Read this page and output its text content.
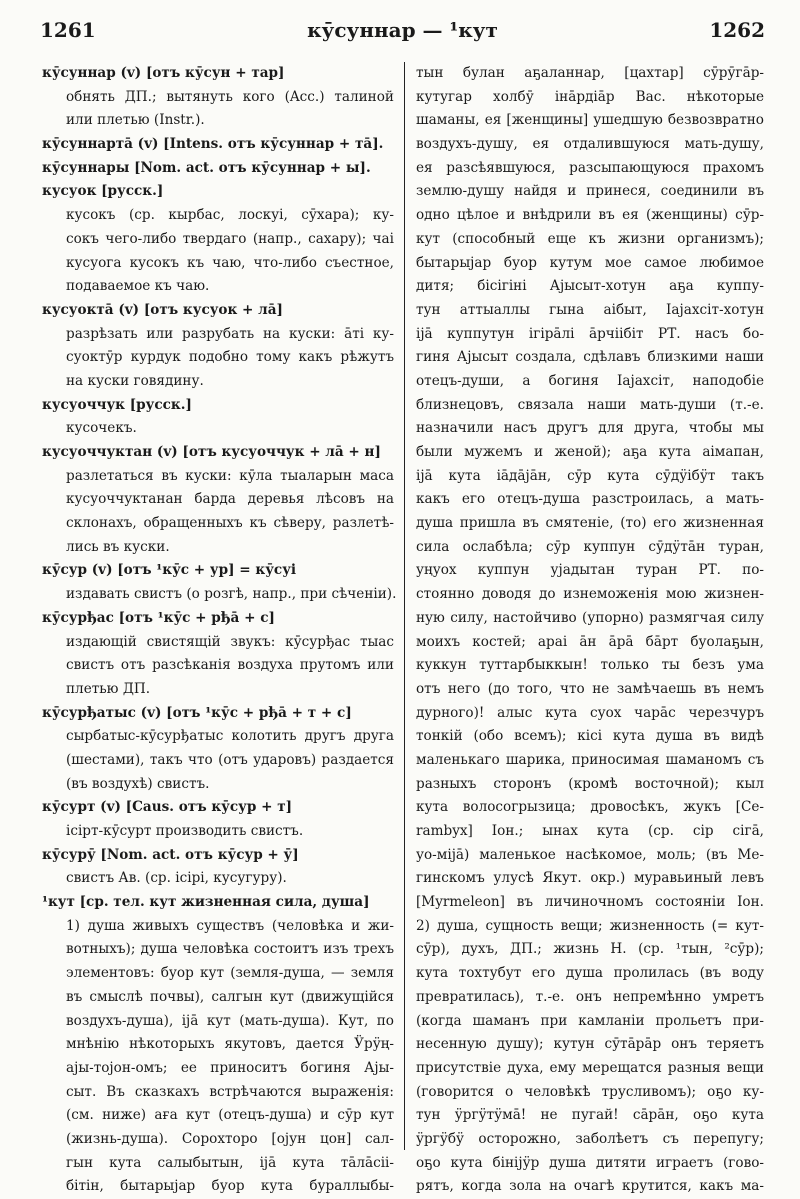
1261	кӯсуннар — ¹кут	1262
кӯсуннар (v) [отъ кӯсун + тар]
обнять ДП.; вытянуть кого (Acc.) талиной
или плетью (Instr.).
кӯсуннартā (v) [Intens. отъ кӯсуннар + тā].
кӯсуннары [Nom. act. отъ кӯсуннар + ы].
кусуок [русск.]
кусокъ (ср. кырбас, лоскуі, сӯхара); ку-
сокъ чего-либо твердаго (напр., сахару); чаі
кусуога кусокъ къ чаю, что-либо съестное,
подаваемое къ чаю.
кусуоктā (v) [отъ кусуок + лā]
разрѣзать или разрубать на куски: āтi ку-
суоктӯр курдук подобно тому какъ рѣжутъ
на куски говядину.
кусуоччук [русск.]
кусочекъ.
кусуоччуктан (v) [отъ кусуоччук + лā + н]
разлетаться въ куски: кӯла тыаларын маса
кусуоччуктанан барда деревья лѣсовъ на
склонахъ, обращенныхъ къ сѣверу, разлетѣ-
лись въ куски.
кӯсур (v) [отъ ¹кӯс + ур] = кӯсуі
издавать свистъ (о розгѣ, напр., при сѣченіи).
кӯсурђас [отъ ¹кӯс + рђā + с]
издающій свистящій звукъ: кӯсурђас тыас
свистъ отъ разсѣканія воздуха прутомъ или
плетью ДП.
кӯсурђатыс (v) [отъ ¹кӯс + рђā + т + с]
сырбатыс-кӯсурђатыс колотить другъ друга
(шестами), такъ что (отъ ударовъ) раздается
(въ воздухѣ) свистъ.
кӯсурт (v) [Caus. отъ кӯсур + т]
iсiрт-кӯсурт производить свистъ.
кӯсурӯ [Nom. act. отъ кӯсур + ӯ]
свистъ Ав. (ср. iсiрi, кусугуру).
¹кут [ср. тел. кут жизненная сила, душа]
1) душа живыхъ существъ (человѣка и жи-
вотныхъ); душа человѣка состоитъ изъ трехъ
элементовъ: буор кут (земля-душа, — земля
въ смыслѣ почвы), салгын кут (движущійся
воздухъ-душа), iјā кут (мать-душа). Кут, по
мнѣнію нѣкоторыхъ якутовъ, дается Ӱрӱң-
ајы-тојон-омъ; ее приноситъ богиня Ајы-
сыт. Въ сказкахъ встрѣчаются выраженія:
(см. ниже) аға кут (отецъ-душа) и сӯр кут
(жизнь-душа). Сорохторо [ојун цон] сал-
гын кута салыбытын, iјā кута тāлāсiі-
бiтiн, бытарыјар буор кута бураллыбы-
тын булан аҕаланнар, [цахтар] сӯрӯгāр-
кутугар холбӯ iнāрдiāр Вас. нѣкоторые
шаманы, ея [женщины] ушедшую безвозвратно
воздухъ-душу, ея отдалившуюся мать-душу,
ея разсѣявшуюся, разсыпающуюся прахомъ
землю-душу найдя и принеся, соединили въ
одно цѣлое и внѣдрили въ ея (женщины) сӯр-
кут (способный еще къ жизни организмъ);
бытарыјар буор кутум мое самое любимое
дитя; бiсiгiнi Ајысыт-хотун аҕа куппу-
тун аттыаллы гына аiбыт, Iајахсiт-хотун
iјā куппутун iгiрāлi āрчiiбiт РТ. насъ бо-
гиня Ајысыт создала, сдѣлавъ близкими наши
отецъ-души, а богиня Iајахсiт, наподобіе
близнецовъ, связала наши мать-души (т.-е.
назначили насъ другъ для друга, чтобы мы
были мужемъ и женой); аҕа кута аiмапан,
iјā кута iāдāјāн, сӯр кута сӯдӱiбӱт такъ
какъ его отецъ-душа разстроилась, а мать-
душа пришла въ смятеніе, (то) его жизненная
сила ослабѣла; сӯр куппун сӯдӱтāн туран,
уңуох куппун уjадытан туран РТ. по-
стоянно доводя до изнеможенія мою жизнен-
ную силу, настойчиво (упорно) размягчая силу
моихъ костей; араі āн āрā бāрт буолаҕын,
куккун туттарбыккын! только ты безъ ума
отъ него (до того, что не замѣчаешь въ немъ
дурного)! алыс кута суох чарāс черезчуръ
тонкій (обо всемъ); кiсi кута душа въ видѣ
маленькаго шарика, приносимая шаманомъ съ
разныхъ сторонъ (кромѣ восточной); кыл
кута волосогрызица; дровосѣкъ, жукъ [Ce-
rambyx] Іон.; ынах кута (ср. сiр сiгā,
уо-мiјā) маленькое насѣкомое, моль; (въ Ме-
гинскомъ улусѣ Якут. окр.) муравьиный левъ
[Myrmeleon] въ личиночномъ состояніи Іон.
2) душа, сущность вещи; жизненность (= кут-
сӯр), духъ, ДП.; жизнь Н. (ср. ¹тын, ²сӯр);
кута тохтубут его душа пролилась (въ воду
превратилась), т.-е. онъ непремѣнно умретъ
(когда шаманъ при камланіи прольетъ при-
несенную душу); кутун сӯтāрāр онъ теряетъ
присутствіе духа, ему мерещатся разныя вещи
(говорится о человѣкѣ трусливомъ); оҕо ку-
тун ӱргӱтӱмā! не пугай! сāрāн, оҕо кута
ӱргӱбӱ осторожно, заболѣетъ съ перепугу;
оҕо кута бiнiјӱр душа дитяти играетъ (гово-
рятъ, когда зола на очагѣ крутится, какъ ма-
